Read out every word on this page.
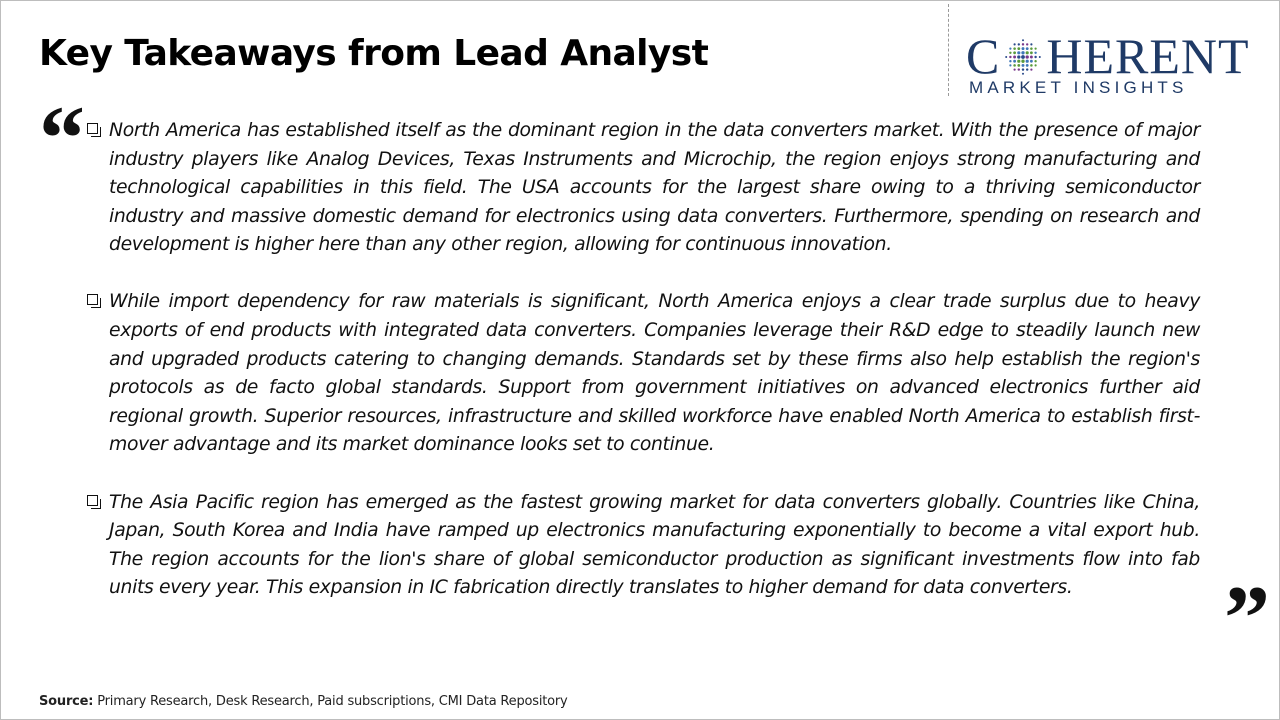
Key Takeaways from Lead Analyst	C HERENT
MARKET INSIGHTS
“ North America has established itself as the dominant region in the data converters market. With the presence of major industry players like Analog Devices, Texas Instruments and Microchip, the region enjoys strong manufacturing and technological capabilities in this field. The USA accounts for the largest share owing to a thriving semiconductor industry and massive domestic demand for electronics using data converters. Furthermore, spending on research and development is higher here than any other region, allowing for continuous innovation.

While import dependency for raw materials is significant, North America enjoys a clear trade surplus due to heavy exports of end products with integrated data converters. Companies leverage their R&D edge to steadily launch new and upgraded products catering to changing demands. Standards set by these firms also help establish the region's protocols as de facto global standards. Support from government initiatives on advanced electronics further aid regional growth. Superior resources, infrastructure and skilled workforce have enabled North America to establish first-mover advantage and its market dominance looks set to continue.

The Asia Pacific region has emerged as the fastest growing market for data converters globally. Countries like China, Japan, South Korea and India have ramped up electronics manufacturing exponentially to become a vital export hub. The region accounts for the lion's share of global semiconductor production as significant investments flow into fab units every year. This expansion in IC fabrication directly translates to higher demand for data converters.	”
Source: Primary Research, Desk Research, Paid subscriptions, CMI Data Repository
